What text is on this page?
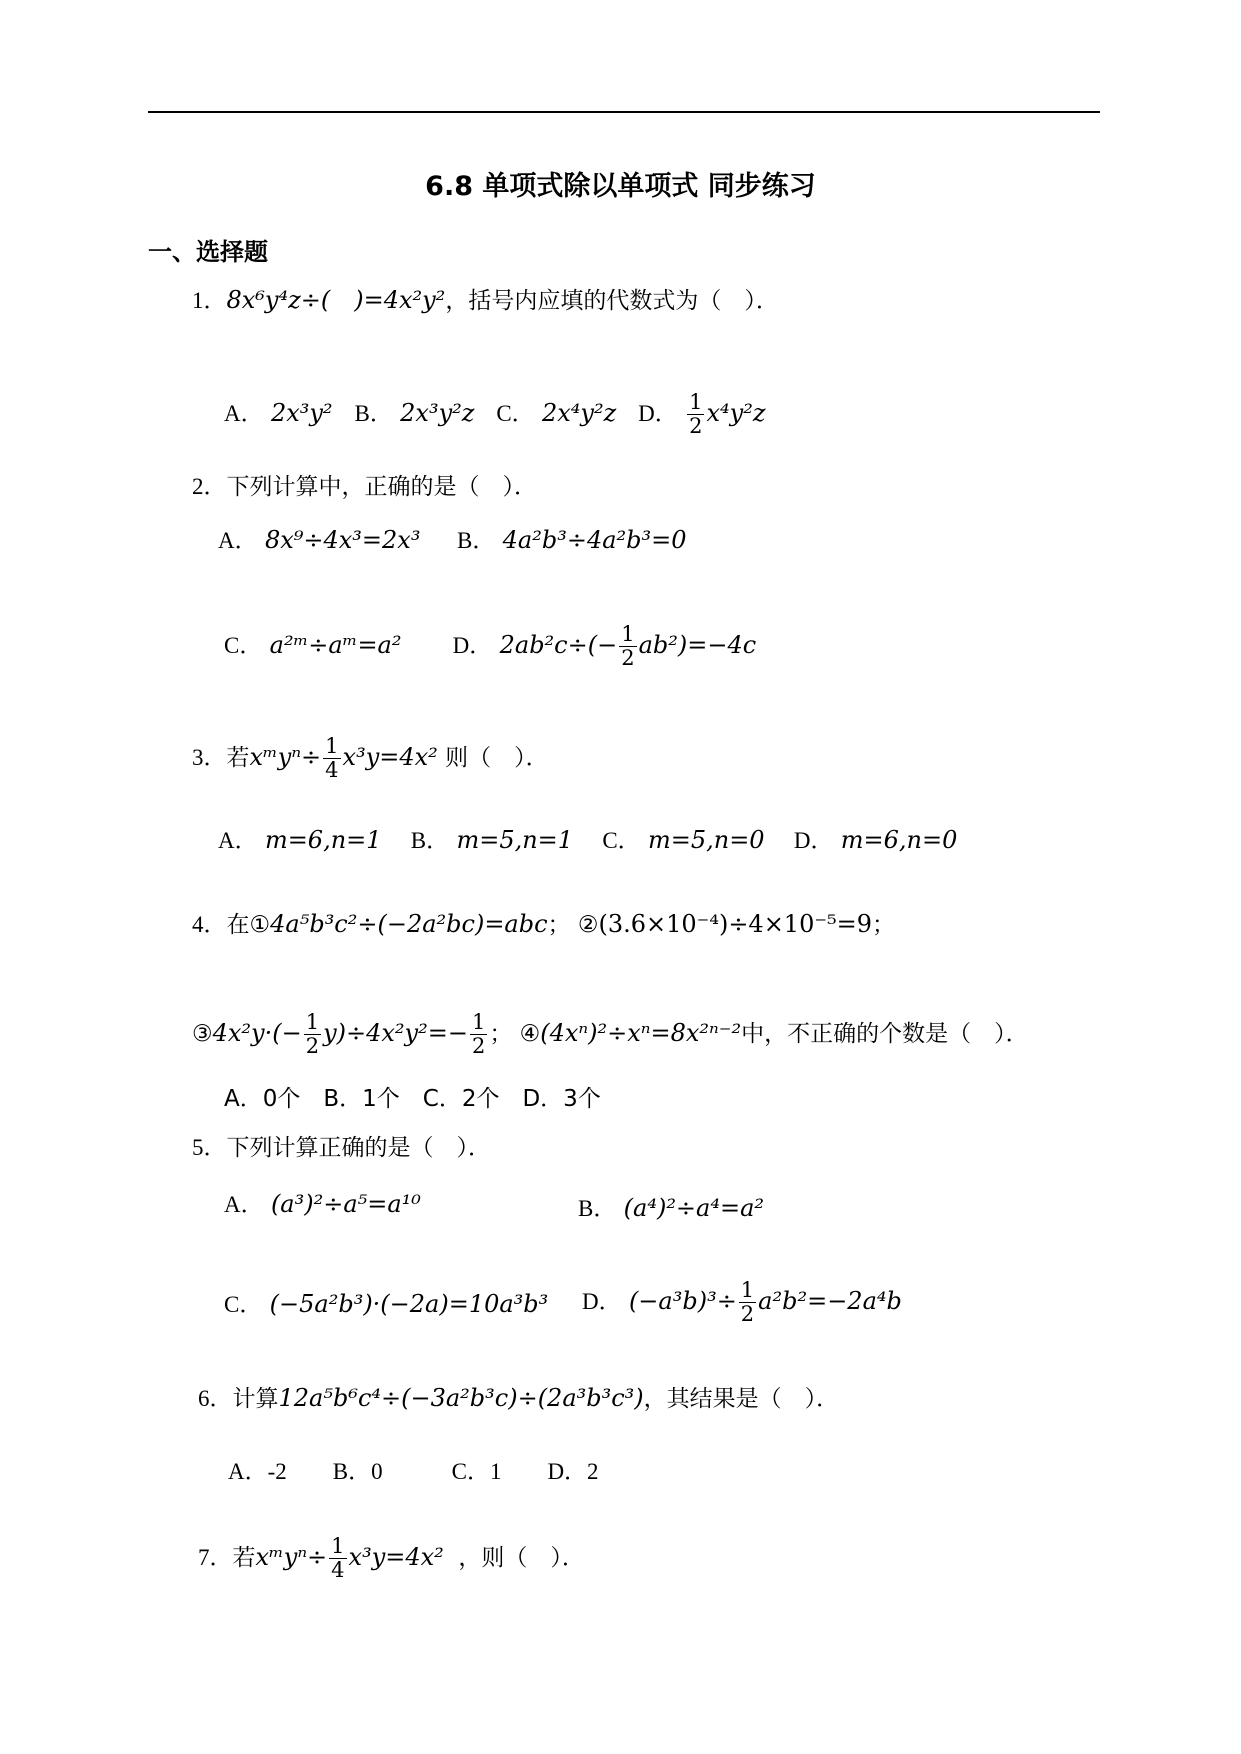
6.8 单项式除以单项式 同步练习
一、选择题
1．8x⁶y⁴z÷(　)=4x²y²，括号内应填的代数式为（　）．
A． 2x³y² B． 2x³y²z C． 2x⁴y²z D． $\frac{1}{2} x^4y^2z$
2．下列计算中，正确的是（　）．
A． 8x⁹÷4x³=2x³ B． 4a²b³÷4a²b³=0
C． a²ᵐ÷aᵐ=a² D． $2ab^2c\div(- \frac{1}{2} ab^2)=-4c$
3．若xᵐyⁿ÷ $\frac{1}{4} x^3y=4x^2$ 则（　）．
A． m=6,n=1 B． m=5,n=1 C． m=5,n=0 D． m=6,n=0
4．在①4a⁵b³c²÷(−2a²bc)=abc； ②(3.6×10⁻⁴)÷4×10⁻⁵=9；
③4x²y·(− $\frac{1}{2} y)\div 4x^2y^2=- \frac{1}{2}$ ； ④(4xⁿ)²÷xⁿ=8x²ⁿ⁻²中，不正确的个数是（　）．
A．0个　B．1个　C．2个　D．3个
5．下列计算正确的是（　）．
A． (a³)²÷a⁵=a¹⁰	B． (a⁴)²÷a⁴=a²
C． (−5a²b³)·(−2a)=10a³b³ D． $(-a^3b)^3\div \frac{1}{2} a^2b^2=-2a^4b$
6．计算12a⁵b⁶c⁴÷(−3a²b³c)÷(2a³b³c³)，其结果是（　）．
A．-2　　B．0　　　C．1　　D．2
7．若xᵐyⁿ÷ $\frac{1}{4} x^3y=4x^2$ ，则（　）．
